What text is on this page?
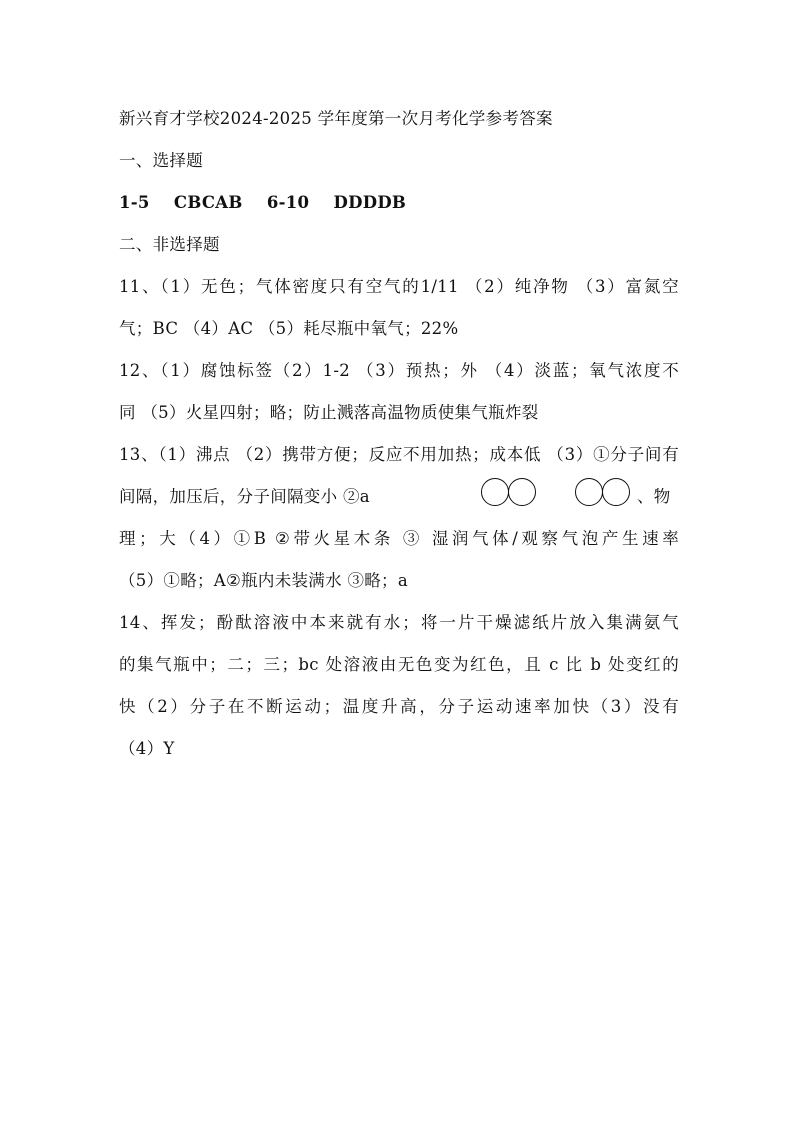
新兴育才学校2024-2025 学年度第一次月考化学参考答案
一、选择题
1-5    CBCAB    6-10    DDDDB
二、非选择题
11、（1）无色；气体密度只有空气的1/11 （2）纯净物 （3）富氮空
气；BC （4）AC （5）耗尽瓶中氧气；22%
12、（1）腐蚀标签（2）1-2 （3）预热；外 （4）淡蓝；氧气浓度不
同 （5）火星四射；略；防止溅落高温物质使集气瓶炸裂
13、（1）沸点 （2）携带方便；反应不用加热；成本低 （3）①分子间有
间隔，加压后，分子间隔变小 ②a	、物
理；大（4）①B ②带火星木条 ③ 湿润气体/观察气泡产生速率
（5）①略；A②瓶内未装满水 ③略；a
14、挥发；酚酞溶液中本来就有水；将一片干燥滤纸片放入集满氨气
的集气瓶中；二；三；bc 处溶液由无色变为红色，且 c 比 b 处变红的
快（2）分子在不断运动；温度升高，分子运动速率加快（3）没有
（4）Y
